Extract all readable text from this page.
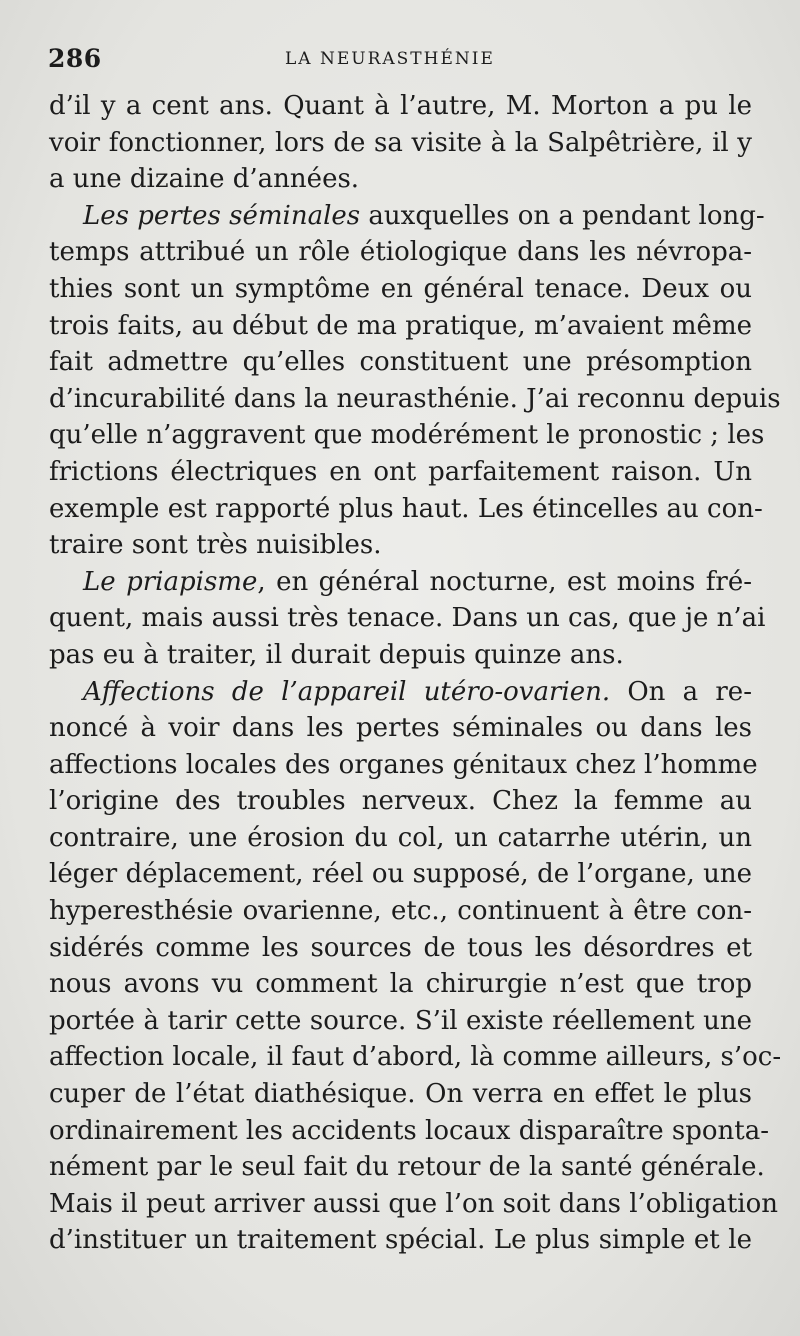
286	LA NEURASTHÉNIE
d’il y a cent ans. Quant à l’autre, M. Morton a pu le
voir fonctionner, lors de sa visite à la Salpêtrière, il y
a une dizaine d’années.
Les pertes séminales auxquelles on a pendant long-
temps attribué un rôle étiologique dans les névropa-
thies sont un symptôme en général tenace. Deux ou
trois faits, au début de ma pratique, m’avaient même
fait admettre qu’elles constituent une présomption
d’incurabilité dans la neurasthénie. J’ai reconnu depuis
qu’elle n’aggravent que modérément le pronostic ; les
frictions électriques en ont parfaitement raison. Un
exemple est rapporté plus haut. Les étincelles au con-
traire sont très nuisibles.
Le priapisme, en général nocturne, est moins fré-
quent, mais aussi très tenace. Dans un cas, que je n’ai
pas eu à traiter, il durait depuis quinze ans.
Affections de l’appareil utéro-ovarien. On a re-
noncé à voir dans les pertes séminales ou dans les
affections locales des organes génitaux chez l’homme
l’origine des troubles nerveux. Chez la femme au
contraire, une érosion du col, un catarrhe utérin, un
léger déplacement, réel ou supposé, de l’organe, une
hyperesthésie ovarienne, etc., continuent à être con-
sidérés comme les sources de tous les désordres et
nous avons vu comment la chirurgie n’est que trop
portée à tarir cette source. S’il existe réellement une
affection locale, il faut d’abord, là comme ailleurs, s’oc-
cuper de l’état diathésique. On verra en effet le plus
ordinairement les accidents locaux disparaître sponta-
nément par le seul fait du retour de la santé générale.
Mais il peut arriver aussi que l’on soit dans l’obligation
d’instituer un traitement spécial. Le plus simple et le
